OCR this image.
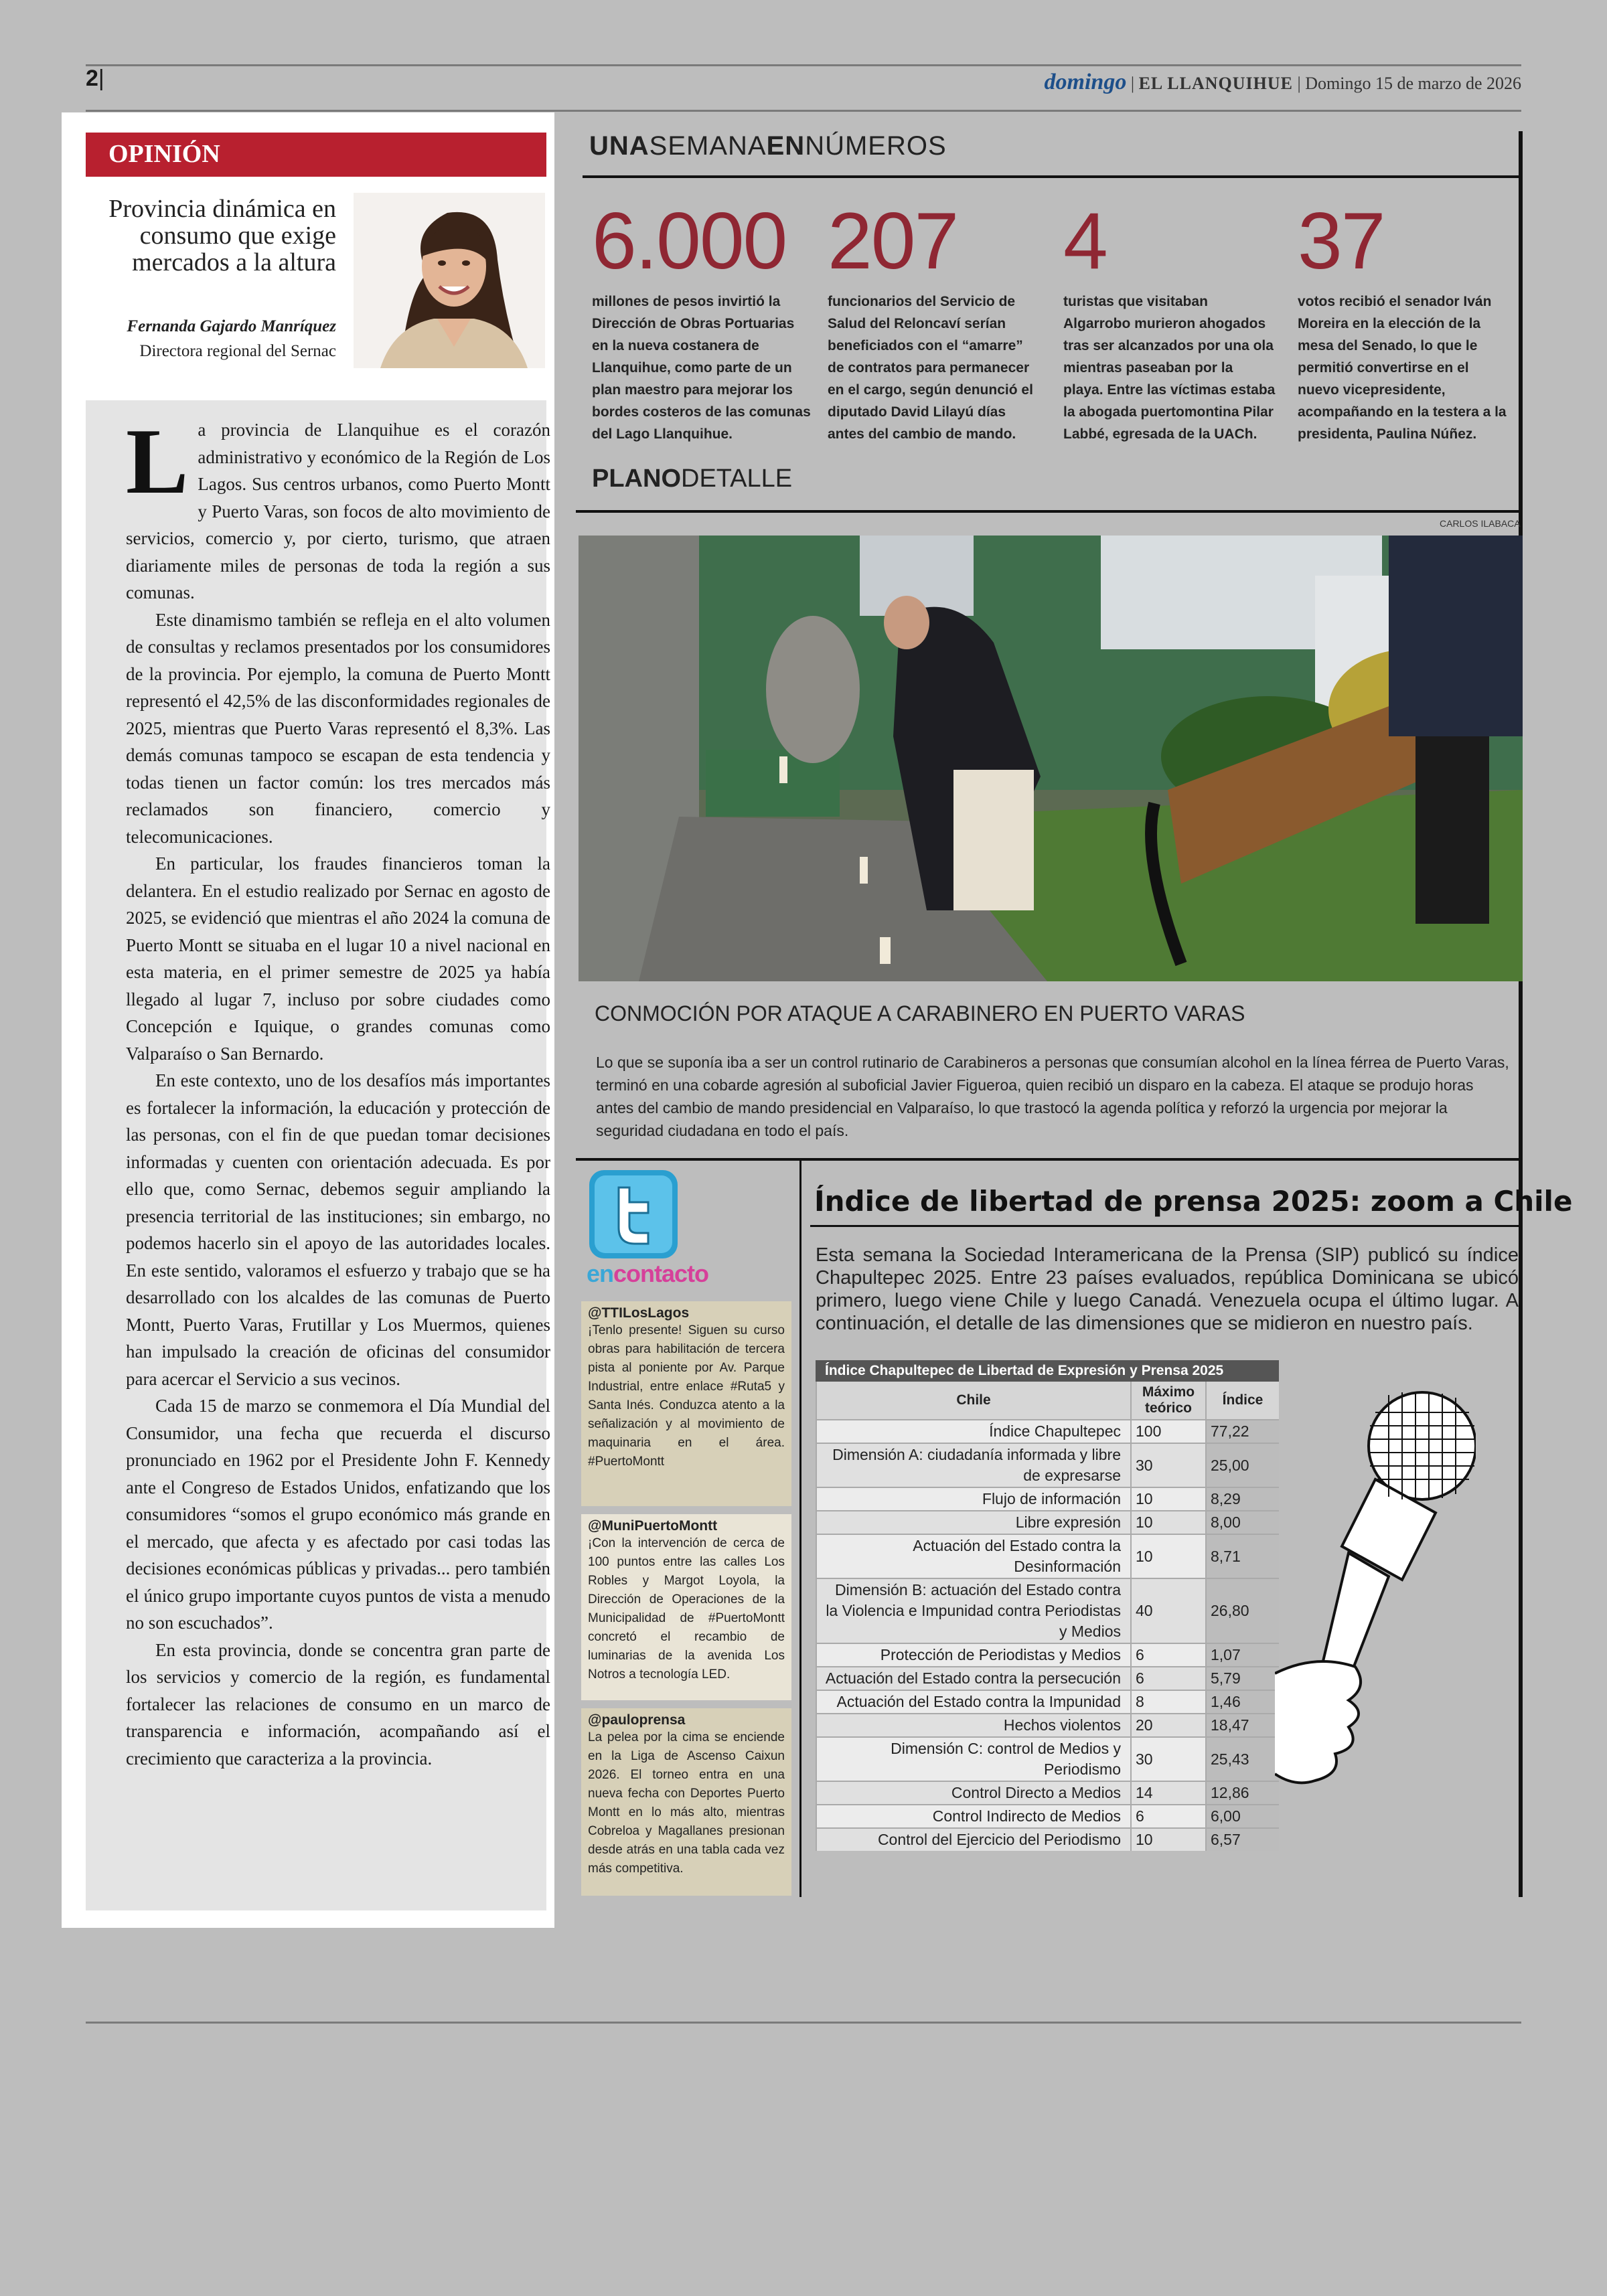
2|	domingo | EL LLANQUIHUE | Domingo 15 de marzo de 2026
OPINIÓN
Provincia dinámica en consumo que exige mercados a la altura
Fernanda Gajardo Manríquez
Directora regional del Sernac

La provincia de Llanquihue es el corazón administrativo y económico de la Región de Los Lagos. Sus centros urbanos, como Puerto Montt y Puerto Varas, son focos de alto movimiento de servicios, comercio y, por cierto, turismo, que atraen diariamente miles de personas de toda la región a sus comunas.

Este dinamismo también se refleja en el alto volumen de consultas y reclamos presentados por los consumidores de la provincia. Por ejemplo, la comuna de Puerto Montt representó el 42,5% de las disconformidades regionales de 2025, mientras que Puerto Varas representó el 8,3%. Las demás comunas tampoco se escapan de esta tendencia y todas tienen un factor común: los tres mercados más reclamados son financiero, comercio y telecomunicaciones.

En particular, los fraudes financieros toman la delantera. En el estudio realizado por Sernac en agosto de 2025, se evidenció que mientras el año 2024 la comuna de Puerto Montt se situaba en el lugar 10 a nivel nacional en esta materia, en el primer semestre de 2025 ya había llegado al lugar 7, incluso por sobre ciudades como Concepción e Iquique, o grandes comunas como Valparaíso o San Bernardo.

En este contexto, uno de los desafíos más importantes es fortalecer la información, la educación y protección de las personas, con el fin de que puedan tomar decisiones informadas y cuenten con orientación adecuada. Es por ello que, como Sernac, debemos seguir ampliando la presencia territorial de las instituciones; sin embargo, no podemos hacerlo sin el apoyo de las autoridades locales. En este sentido, valoramos el esfuerzo y trabajo que se ha desarrollado con los alcaldes de las comunas de Puerto Montt, Puerto Varas, Frutillar y Los Muermos, quienes han impulsado la creación de oficinas del consumidor para acercar el Servicio a sus vecinos.

Cada 15 de marzo se conmemora el Día Mundial del Consumidor, una fecha que recuerda el discurso pronunciado en 1962 por el Presidente John F. Kennedy ante el Congreso de Estados Unidos, enfatizando que los consumidores “somos el grupo económico más grande en el mercado, que afecta y es afectado por casi todas las decisiones económicas públicas y privadas... pero también el único grupo importante cuyos puntos de vista a menudo no son escuchados”.

En esta provincia, donde se concentra gran parte de los servicios y comercio de la región, es fundamental fortalecer las relaciones de consumo en un marco de transparencia e información, acompañando así el crecimiento que caracteriza a la provincia.

UNASEMANAENNÚMEROS
6.000
millones de pesos invirtió la Dirección de Obras Portuarias en la nueva costanera de Llanquihue, como parte de un plan maestro para mejorar los bordes costeros de las comunas del Lago Llanquihue.
207
funcionarios del Servicio de Salud del Reloncaví serían beneficiados con el “amarre” de contratos para permanecer en el cargo, según denunció el diputado David Lilayú días antes del cambio de mando.
4
turistas que visitaban Algarrobo murieron ahogados tras ser alcanzados por una ola mientras paseaban por la playa. Entre las víctimas estaba la abogada puertomontina Pilar Labbé, egresada de la UACh.
37
votos recibió el senador Iván Moreira en la elección de la mesa del Senado, lo que le permitió convertirse en el nuevo vicepresidente, acompañando en la testera a la presidenta, Paulina Núñez.
PLANODETALLE
CARLOS ILABACA
CONMOCIÓN POR ATAQUE A CARABINERO EN PUERTO VARAS
Lo que se suponía iba a ser un control rutinario de Carabineros a personas que consumían alcohol en la línea férrea de Puerto Varas, terminó en una cobarde agresión al suboficial Javier Figueroa, quien recibió un disparo en la cabeza. El ataque se produjo horas antes del cambio de mando presidencial en Valparaíso, lo que trastocó la agenda política y reforzó la urgencia por mejorar la seguridad ciudadana en todo el país.
encontacto
@TTILosLagos
¡Tenlo presente! Siguen su curso obras para habilitación de tercera pista al poniente por Av. Parque Industrial, entre enlace #Ruta5 y Santa Inés. Conduzca atento a la señalización y al movimiento de maquinaria en el área. #PuertoMontt
@MuniPuertoMontt
¡Con la intervención de cerca de 100 puntos entre las calles Los Robles y Margot Loyola, la Dirección de Operaciones de la Municipalidad de #PuertoMontt concretó el recambio de luminarias de la avenida Los Notros a tecnología LED.
@pauloprensa
La pelea por la cima se enciende en la Liga de Ascenso Caixun 2026. El torneo entra en una nueva fecha con Deportes Puerto Montt en lo más alto, mientras Cobreloa y Magallanes presionan desde atrás en una tabla cada vez más competitiva.
Índice de libertad de prensa 2025: zoom a Chile
Esta semana la Sociedad Interamericana de la Prensa (SIP) publicó su índice Chapultepec 2025. Entre 23 países evaluados, república Dominicana se ubicó primero, luego viene Chile y luego Canadá. Venezuela ocupa el último lugar. A continuación, el detalle de las dimensiones que se midieron en nuestro país.
Índice Chapultepec de Libertad de Expresión y Prensa 2025
Chile	Máximo teórico	Índice
Índice Chapultepec	100	77,22
Dimensión A: ciudadanía informada y libre de expresarse	30	25,00
Flujo de información	10	8,29
Libre expresión	10	8,00
Actuación del Estado contra la Desinformación	10	8,71
Dimensión B: actuación del Estado contra la Violencia e Impunidad contra Periodistas y Medios	40	26,80
Protección de Periodistas y Medios	6	1,07
Actuación del Estado contra la persecución	6	5,79
Actuación del Estado contra la Impunidad	8	1,46
Hechos violentos	20	18,47
Dimensión C: control de Medios y Periodismo	30	25,43
Control Directo a Medios	14	12,86
Control Indirecto de Medios	6	6,00
Control del Ejercicio del Periodismo	10	6,57
